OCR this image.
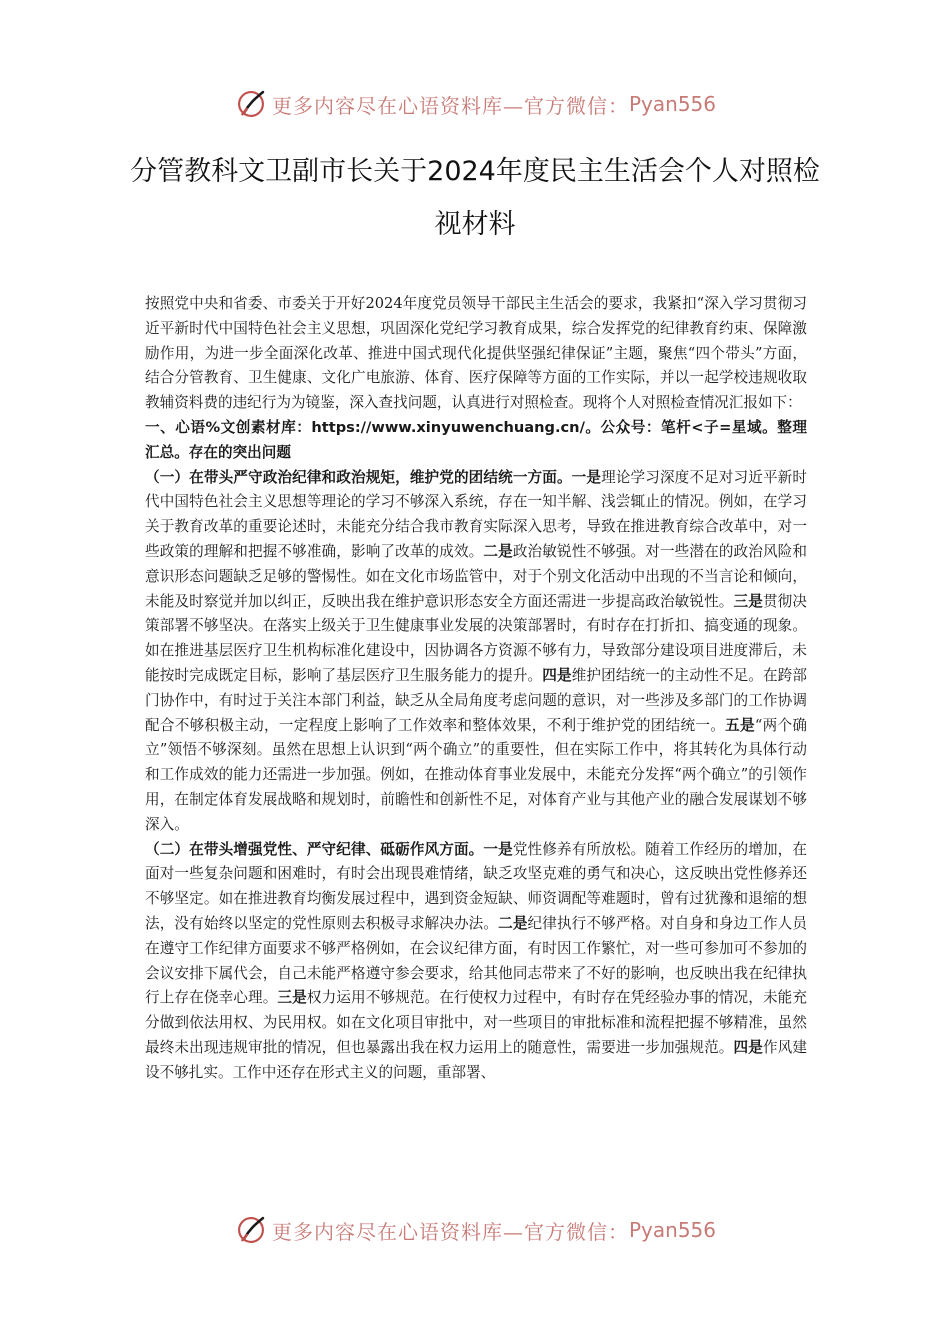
更多内容尽在心语资料库—官方微信： Pyan556
分管教科文卫副市长关于2024年度民主生活会个人对照检视材料

按照党中央和省委、市委关于开好2024年度党员领导干部民主生活会的要求，我紧扣“深入学习贯彻习近平新时代中国特色社会主义思想，巩固深化党纪学习教育成果，综合发挥党的纪律教育约束、保障激励作用，为进一步全面深化改革、推进中国式现代化提供坚强纪律保证”主题，聚焦“四个带头”方面，结合分管教育、卫生健康、文化广电旅游、体育、医疗保障等方面的工作实际，并以一起学校违规收取教辅资料费的违纪行为为镜鉴，深入查找问题，认真进行对照检查。现将个人对照检查情况汇报如下：

一、心语%文创素材库：https://www.xinyuwenchuang.cn/。公众号：笔杆<子=星域。整理汇总。存在的突出问题

（一）在带头严守政治纪律和政治规矩，维护党的团结统一方面。一是理论学习深度不足对习近平新时代中国特色社会主义思想等理论的学习不够深入系统，存在一知半解、浅尝辄止的情况。例如，在学习关于教育改革的重要论述时，未能充分结合我市教育实际深入思考，导致在推进教育综合改革中，对一些政策的理解和把握不够准确，影响了改革的成效。二是政治敏锐性不够强。对一些潜在的政治风险和意识形态问题缺乏足够的警惕性。如在文化市场监管中，对于个别文化活动中出现的不当言论和倾向，未能及时察觉并加以纠正，反映出我在维护意识形态安全方面还需进一步提高政治敏锐性。三是贯彻决策部署不够坚决。在落实上级关于卫生健康事业发展的决策部署时，有时存在打折扣、搞变通的现象。如在推进基层医疗卫生机构标准化建设中，因协调各方资源不够有力，导致部分建设项目进度滞后，未能按时完成既定目标，影响了基层医疗卫生服务能力的提升。四是维护团结统一的主动性不足。在跨部门协作中，有时过于关注本部门利益，缺乏从全局角度考虑问题的意识，对一些涉及多部门的工作协调配合不够积极主动，一定程度上影响了工作效率和整体效果，不利于维护党的团结统一。五是“两个确立”领悟不够深刻。虽然在思想上认识到“两个确立”的重要性，但在实际工作中，将其转化为具体行动和工作成效的能力还需进一步加强。例如，在推动体育事业发展中，未能充分发挥“两个确立”的引领作用，在制定体育发展战略和规划时，前瞻性和创新性不足，对体育产业与其他产业的融合发展谋划不够深入。

（二）在带头增强党性、严守纪律、砥砺作风方面。一是党性修养有所放松。随着工作经历的增加，在面对一些复杂问题和困难时，有时会出现畏难情绪，缺乏攻坚克难的勇气和决心，这反映出党性修养还不够坚定。如在推进教育均衡发展过程中，遇到资金短缺、师资调配等难题时，曾有过犹豫和退缩的想法，没有始终以坚定的党性原则去积极寻求解决办法。二是纪律执行不够严格。对自身和身边工作人员在遵守工作纪律方面要求不够严格例如，在会议纪律方面，有时因工作繁忙，对一些可参加可不参加的会议安排下属代会，自己未能严格遵守参会要求，给其他同志带来了不好的影响，也反映出我在纪律执行上存在侥幸心理。三是权力运用不够规范。在行使权力过程中，有时存在凭经验办事的情况，未能充分做到依法用权、为民用权。如在文化项目审批中，对一些项目的审批标准和流程把握不够精准，虽然最终未出现违规审批的情况，但也暴露出我在权力运用上的随意性，需要进一步加强规范。四是作风建设不够扎实。工作中还存在形式主义的问题，重部署、

更多内容尽在心语资料库—官方微信： Pyan556
